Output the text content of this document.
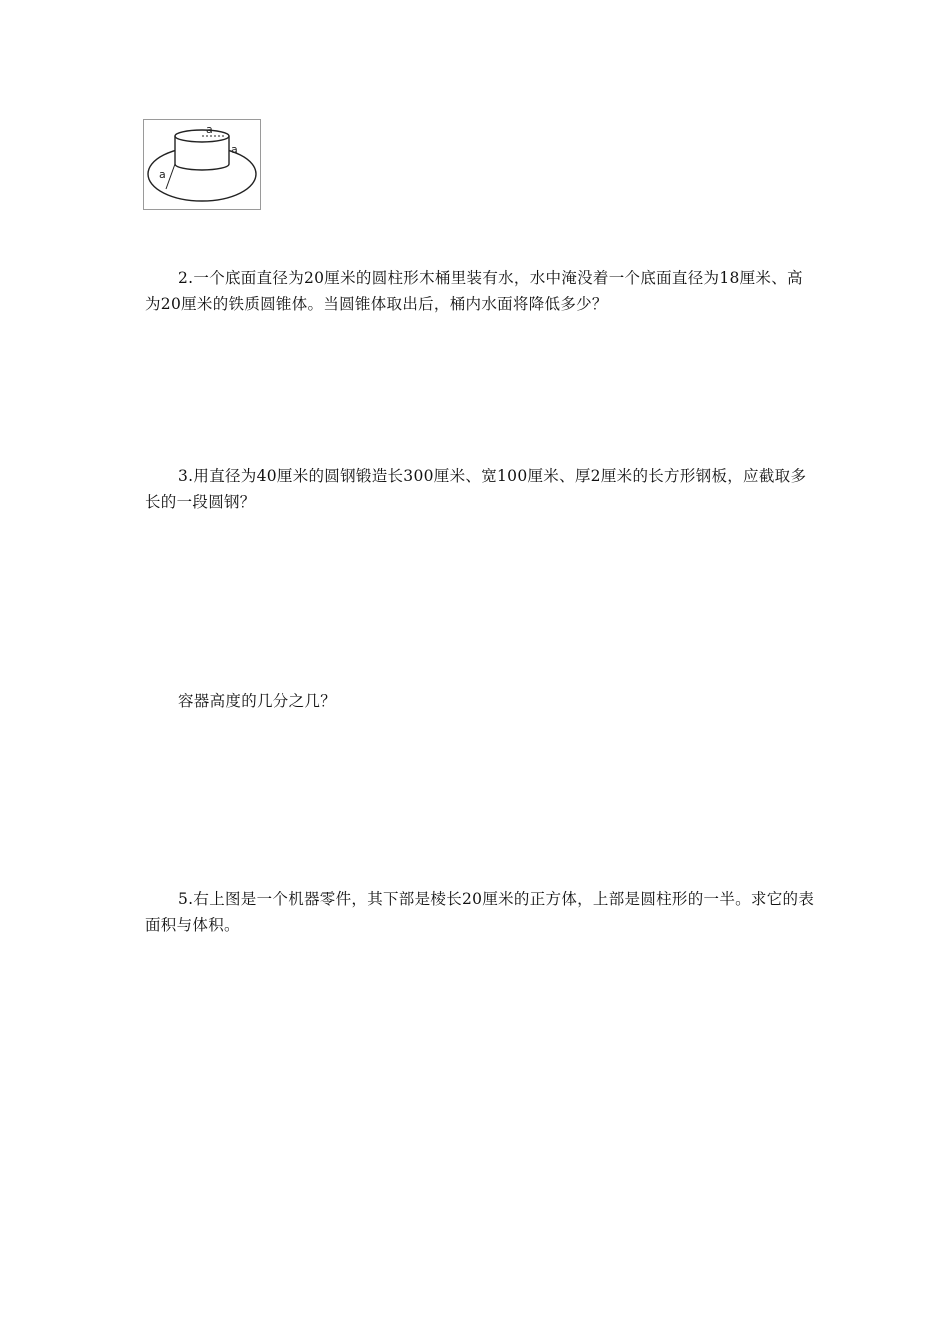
a
a
a

2.一个底面直径为20厘米的圆柱形木桶里装有水，水中淹没着一个底面直径为18厘米、高为20厘米的铁质圆锥体。当圆锥体取出后，桶内水面将降低多少？

3.用直径为40厘米的圆钢锻造长300厘米、宽100厘米、厚2厘米的长方形钢板，应截取多长的一段圆钢？

容器高度的几分之几？

5.右上图是一个机器零件，其下部是棱长20厘米的正方体，上部是圆柱形的一半。求它的表面积与体积。
